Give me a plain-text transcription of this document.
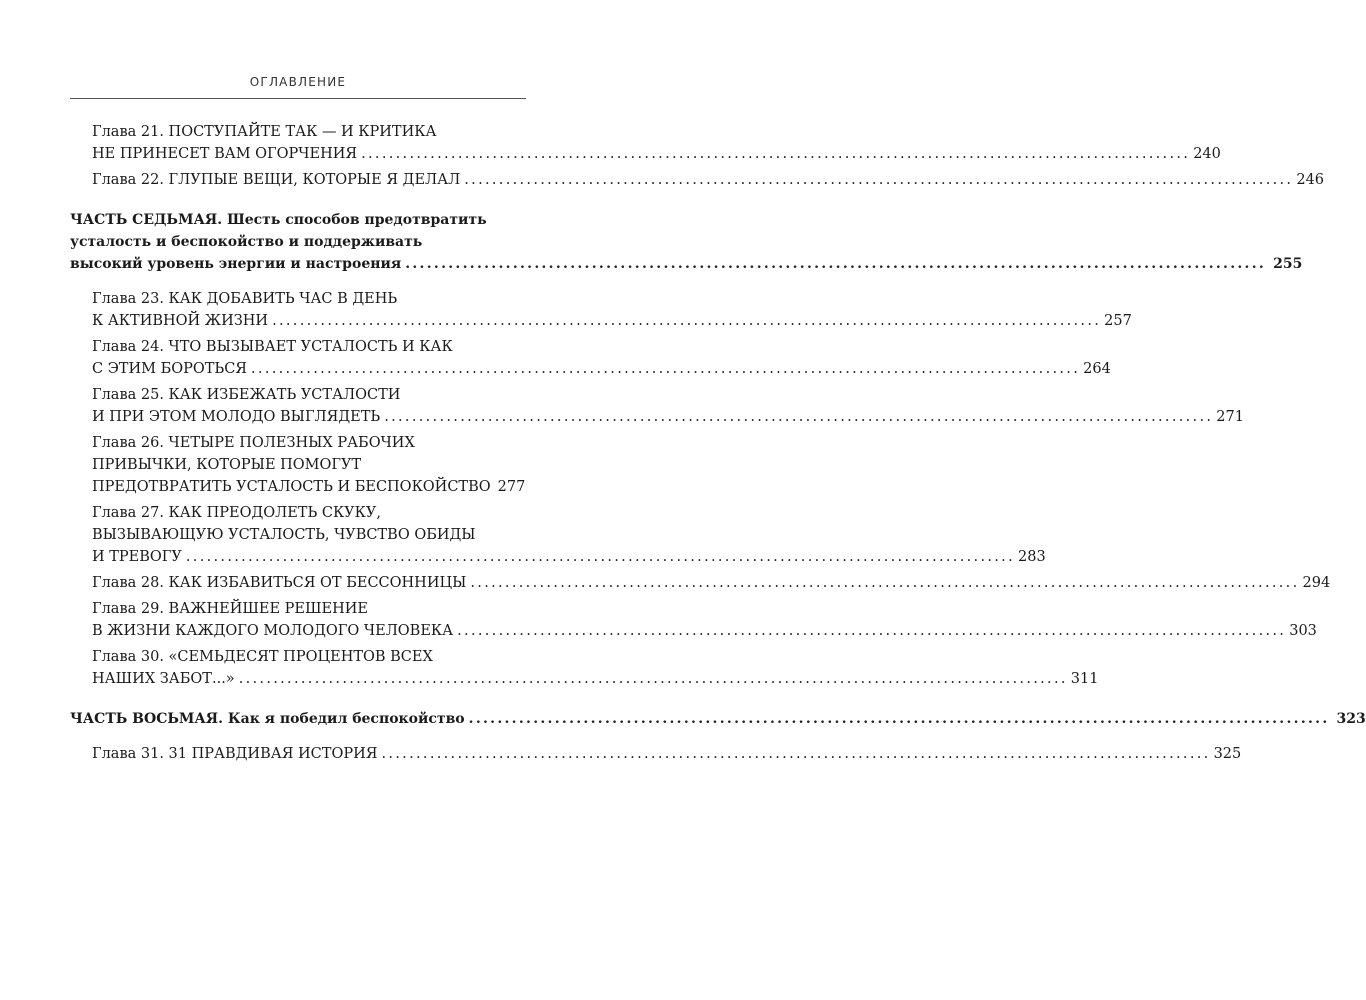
ОГЛАВЛЕНИЕ
Глава 21. ПОСТУПАЙТЕ ТАК — И КРИТИКА
НЕ ПРИНЕСЕТ ВАМ ОГОРЧЕНИЯ ........................................................................................................................ 240
Глава 22. ГЛУПЫЕ ВЕЩИ, КОТОРЫЕ Я ДЕЛАЛ ........................................................................................................................ 246
ЧАСТЬ СЕДЬМАЯ. Шесть способов предотвратить
усталость и беспокойство и поддерживать
высокий уровень энергии и настроения ........................................................................................................................ 255
Глава 23. КАК ДОБАВИТЬ ЧАС В ДЕНЬ
К АКТИВНОЙ ЖИЗНИ ........................................................................................................................ 257
Глава 24. ЧТО ВЫЗЫВАЕТ УСТАЛОСТЬ И КАК
С ЭТИМ БОРОТЬСЯ ........................................................................................................................ 264
Глава 25. КАК ИЗБЕЖАТЬ УСТАЛОСТИ
И ПРИ ЭТОМ МОЛОДО ВЫГЛЯДЕТЬ ........................................................................................................................ 271
Глава 26. ЧЕТЫРЕ ПОЛЕЗНЫХ РАБОЧИХ
ПРИВЫЧКИ, КОТОРЫЕ ПОМОГУТ
ПРЕДОТВРАТИТЬ УСТАЛОСТЬ И БЕСПОКОЙСТВО 277
Глава 27. КАК ПРЕОДОЛЕТЬ СКУКУ,
ВЫЗЫВАЮЩУЮ УСТАЛОСТЬ, ЧУВСТВО ОБИДЫ
И ТРЕВОГУ ........................................................................................................................ 283
Глава 28. КАК ИЗБАВИТЬСЯ ОТ БЕССОННИЦЫ ........................................................................................................................ 294
Глава 29. ВАЖНЕЙШЕЕ РЕШЕНИЕ
В ЖИЗНИ КАЖДОГО МОЛОДОГО ЧЕЛОВЕКА ........................................................................................................................ 303
Глава 30. «СЕМЬДЕСЯТ ПРОЦЕНТОВ ВСЕХ
НАШИХ ЗАБОТ...» ........................................................................................................................ 311
ЧАСТЬ ВОСЬМАЯ. Как я победил беспокойство ........................................................................................................................ 323
Глава 31. 31 ПРАВДИВАЯ ИСТОРИЯ ........................................................................................................................ 325
